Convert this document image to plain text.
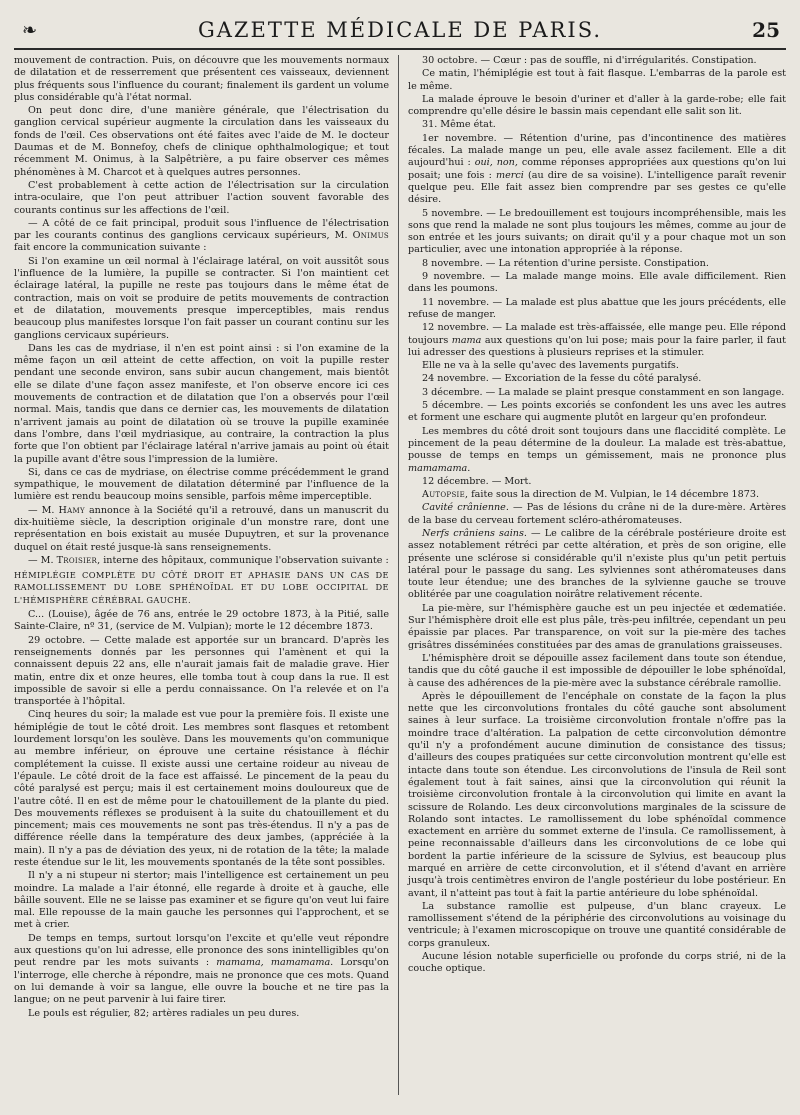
❧	GAZETTE MÉDICALE DE PARIS.	25

mouvement de contraction. Puis, on découvre que les mouvements normaux de dilatation et de resserrement que présentent ces vaisseaux, deviennent plus fréquents sous l'influence du courant; finalement ils gardent un volume plus considérable qu'à l'état normal.

On peut donc dire, d'une manière générale, que l'électrisation du ganglion cervical supérieur augmente la circulation dans les vaisseaux du fonds de l'œil. Ces observations ont été faites avec l'aide de M. le docteur Daumas et de M. Bonnefoy, chefs de clinique ophthalmologique; et tout récemment M. Onimus, à la Salpêtrière, a pu faire observer ces mêmes phénomènes à M. Charcot et à quelques autres personnes.

C'est probablement à cette action de l'électrisation sur la circulation intra-oculaire, que l'on peut attribuer l'action souvent favorable des courants continus sur les affections de l'œil.

— A côté de ce fait principal, produit sous l'influence de l'électrisation par les courants continus des ganglions cervicaux supérieurs, M. Onimus fait encore la communication suivante :

Si l'on examine un œil normal à l'éclairage latéral, on voit aussitôt sous l'influence de la lumière, la pupille se contracter. Si l'on maintient cet éclairage latéral, la pupille ne reste pas toujours dans le même état de contraction, mais on voit se produire de petits mouvements de contraction et de dilatation, mouvements presque imperceptibles, mais rendus beaucoup plus manifestes lorsque l'on fait passer un courant continu sur les ganglions cervicaux supérieurs.

Dans les cas de mydriase, il n'en est point ainsi : si l'on examine de la même façon un œil atteint de cette affection, on voit la pupille rester pendant une seconde environ, sans subir aucun changement, mais bientôt elle se dilate d'une façon assez manifeste, et l'on observe encore ici ces mouvements de contraction et de dilatation que l'on a observés pour l'œil normal. Mais, tandis que dans ce dernier cas, les mouvements de dilatation n'arrivent jamais au point de dilatation où se trouve la pupille examinée dans l'ombre, dans l'œil mydriasique, au contraire, la contraction la plus forte que l'on obtient par l'éclairage latéral n'arrive jamais au point où était la pupille avant d'être sous l'impression de la lumière.

Si, dans ce cas de mydriase, on électrise comme précédemment le grand sympathique, le mouvement de dilatation déterminé par l'influence de la lumière est rendu beaucoup moins sensible, parfois même imperceptible.

— M. Hamy annonce à la Société qu'il a retrouvé, dans un manuscrit du dix-huitième siècle, la description originale d'un monstre rare, dont une représentation en bois existait au musée Dupuytren, et sur la provenance duquel on était resté jusque-là sans renseignements.

— M. Troisier, interne des hôpitaux, communique l'observation suivante :

HÉMIPLÉGIE COMPLÈTE DU CÔTÉ DROIT ET APHASIE DANS UN CAS DE RAMOLLISSEMENT DU LOBE SPHÉNOÏDAL ET DU LOBE OCCIPITAL DE L'HÉMISPHÈRE CÉRÉBRAL GAUCHE.

C... (Louise), âgée de 76 ans, entrée le 29 octobre 1873, à la Pitié, salle Sainte-Claire, nº 31, (service de M. Vulpian); morte le 12 décembre 1873.

29 octobre. — Cette malade est apportée sur un brancard. D'après les renseignements donnés par les personnes qui l'amènent et qui la connaissent depuis 22 ans, elle n'aurait jamais fait de maladie grave. Hier matin, entre dix et onze heures, elle tomba tout à coup dans la rue. Il est impossible de savoir si elle a perdu connaissance. On l'a relevée et on l'a transportée à l'hôpital.

Cinq heures du soir; la malade est vue pour la première fois. Il existe une hémiplégie de tout le côté droit. Les membres sont flasques et retombent lourdement lorsqu'on les soulève. Dans les mouvements qu'on communique au membre inférieur, on éprouve une certaine résistance à fléchir complétement la cuisse. Il existe aussi une certaine roideur au niveau de l'épaule. Le côté droit de la face est affaissé. Le pincement de la peau du côté paralysé est perçu; mais il est certainement moins douloureux que de l'autre côté. Il en est de même pour le chatouillement de la plante du pied. Des mouvements réflexes se produisent à la suite du chatouillement et du pincement; mais ces mouvements ne sont pas très-étendus. Il n'y a pas de différence réelle dans la température des deux jambes, (appréciée à la main). Il n'y a pas de déviation des yeux, ni de rotation de la tête; la malade reste étendue sur le lit, les mouvements spontanés de la tête sont possibles.

Il n'y a ni stupeur ni stertor; mais l'intelligence est certainement un peu moindre. La malade a l'air étonné, elle regarde à droite et à gauche, elle bâille souvent. Elle ne se laisse pas examiner et se figure qu'on veut lui faire mal. Elle repousse de la main gauche les personnes qui l'approchent, et se met à crier.

De temps en temps, surtout lorsqu'on l'excite et qu'elle veut répondre aux questions qu'on lui adresse, elle prononce des sons inintelligibles qu'on peut rendre par les mots suivants : mamama, mamamama. Lorsqu'on l'interroge, elle cherche à répondre, mais ne prononce que ces mots. Quand on lui demande à voir sa langue, elle ouvre la bouche et ne tire pas la langue; on ne peut parvenir à lui faire tirer.

Le pouls est régulier, 82; artères radiales un peu dures.

30 octobre. — Cœur : pas de souffle, ni d'irrégularités. Constipation.

Ce matin, l'hémiplégie est tout à fait flasque. L'embarras de la parole est le même.

La malade éprouve le besoin d'uriner et d'aller à la garde-robe; elle fait comprendre qu'elle désire le bassin mais cependant elle salit son lit.

31. Même état.

1er novembre. — Rétention d'urine, pas d'incontinence des matières fécales. La malade mange un peu, elle avale assez facilement. Elle a dit aujourd'hui : oui, non, comme réponses appropriées aux questions qu'on lui posait; une fois : merci (au dire de sa voisine). L'intelligence paraît revenir quelque peu. Elle fait assez bien comprendre par ses gestes ce qu'elle désire.

5 novembre. — Le bredouillement est toujours incompréhensible, mais les sons que rend la malade ne sont plus toujours les mêmes, comme au jour de son entrée et les jours suivants; on dirait qu'il y a pour chaque mot un son particulier, avec une intonation appropriée à la réponse.

8 novembre. — La rétention d'urine persiste. Constipation.

9 novembre. — La malade mange moins. Elle avale difficilement. Rien dans les poumons.

11 novembre. — La malade est plus abattue que les jours précédents, elle refuse de manger.

12 novembre. — La malade est très-affaissée, elle mange peu. Elle répond toujours mama aux questions qu'on lui pose; mais pour la faire parler, il faut lui adresser des questions à plusieurs reprises et la stimuler.

Elle ne va à la selle qu'avec des lavements purgatifs.

24 novembre. — Excoriation de la fesse du côté paralysé.

3 décembre. — La malade se plaint presque constamment en son langage.

5 décembre. — Les points excoriés se confondent les uns avec les autres et forment une eschare qui augmente plutôt en largeur qu'en profondeur.

Les membres du côté droit sont toujours dans une flaccidité complète. Le pincement de la peau détermine de la douleur. La malade est très-abattue, pousse de temps en temps un gémissement, mais ne prononce plus mamamama.

12 décembre. — Mort.

Autopsie, faite sous la direction de M. Vulpian, le 14 décembre 1873.

Cavité crânienne. — Pas de lésions du crâne ni de la dure-mère. Artères de la base du cerveau fortement scléro-athéromateuses.

Nerfs crâniens sains. — Le calibre de la cérébrale postérieure droite est assez notablement rétréci par cette altération, et près de son origine, elle présente une sclérose si considérable qu'il n'existe plus qu'un petit pertuis latéral pour le passage du sang. Les sylviennes sont athéromateuses dans toute leur étendue; une des branches de la sylvienne gauche se trouve oblitérée par une coagulation noirâtre relativement récente.

La pie-mère, sur l'hémisphère gauche est un peu injectée et œdematiée. Sur l'hémisphère droit elle est plus pâle, très-peu infiltrée, cependant un peu épaissie par places. Par transparence, on voit sur la pie-mère des taches grisâtres disséminées constituées par des amas de granulations graisseuses.

L'hémisphère droit se dépouille assez facilement dans toute son étendue, tandis que du côté gauche il est impossible de dépouiller le lobe sphénoïdal, à cause des adhérences de la pie-mère avec la substance cérébrale ramollie.

Après le dépouillement de l'encéphale on constate de la façon la plus nette que les circonvolutions frontales du côté gauche sont absolument saines à leur surface. La troisième circonvolution frontale n'offre pas la moindre trace d'altération. La palpation de cette circonvolution démontre qu'il n'y a profondément aucune diminution de consistance des tissus; d'ailleurs des coupes pratiquées sur cette circonvolution montrent qu'elle est intacte dans toute son étendue. Les circonvolutions de l'insula de Reil sont également tout à fait saines, ainsi que la circonvolution qui réunit la troisième circonvolution frontale à la circonvolution qui limite en avant la scissure de Rolando. Les deux circonvolutions marginales de la scissure de Rolando sont intactes. Le ramollissement du lobe sphénoïdal commence exactement en arrière du sommet externe de l'insula. Ce ramollissement, à peine reconnaissable d'ailleurs dans les circonvolutions de ce lobe qui bordent la partie inférieure de la scissure de Sylvius, est beaucoup plus marqué en arrière de cette circonvolution, et il s'étend d'avant en arrière jusqu'à trois centimètres environ de l'angle postérieur du lobe postérieur. En avant, il n'atteint pas tout à fait la partie antérieure du lobe sphénoïdal.

La substance ramollie est pulpeuse, d'un blanc crayeux. Le ramollissement s'étend de la périphérie des circonvolutions au voisinage du ventricule; à l'examen microscopique on trouve une quantité considérable de corps granuleux.

Aucune lésion notable superficielle ou profonde du corps strié, ni de la couche optique.
